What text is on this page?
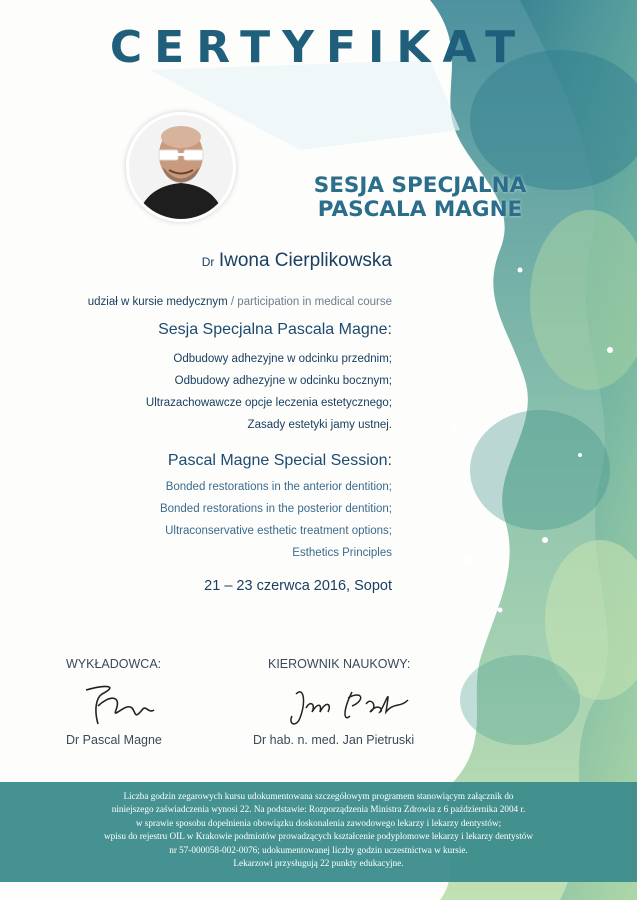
CERTYFIKAT
SESJA SPECJALNA
PASCALA MAGNE
Dr Iwona Cierplikowska
udział w kursie medycznym / participation in medical course
Sesja Specjalna Pascala Magne:
Odbudowy adhezyjne w odcinku przednim;
Odbudowy adhezyjne w odcinku bocznym;
Ultrazachowawcze opcje leczenia estetycznego;
Zasady estetyki jamy ustnej.
Pascal Magne Special Session:
Bonded restorations in the anterior dentition;
Bonded restorations in the posterior dentition;
Ultraconservative esthetic treatment options;
Esthetics Principles
21 – 23 czerwca 2016, Sopot
WYKŁADOWCA:	KIEROWNIK NAUKOWY:
Dr Pascal Magne	Dr hab. n. med. Jan Pietruski
Liczba godzin zegarowych kursu udokumentowana szczegółowym programem stanowiącym załącznik do
niniejszego zaświadczenia wynosi 22. Na podstawie: Rozporządzenia Ministra Zdrowia z 6 października 2004 r.
w sprawie sposobu dopełnienia obowiązku doskonalenia zawodowego lekarzy i lekarzy dentystów;
wpisu do rejestru OIL w Krakowie podmiotów prowadzących kształcenie podyplomowe lekarzy i lekarzy dentystów
nr 57-000058-002-0076; udokumentowanej liczby godzin uczestnictwa w kursie.
Lekarzowi przysługują 22 punkty edukacyjne.
